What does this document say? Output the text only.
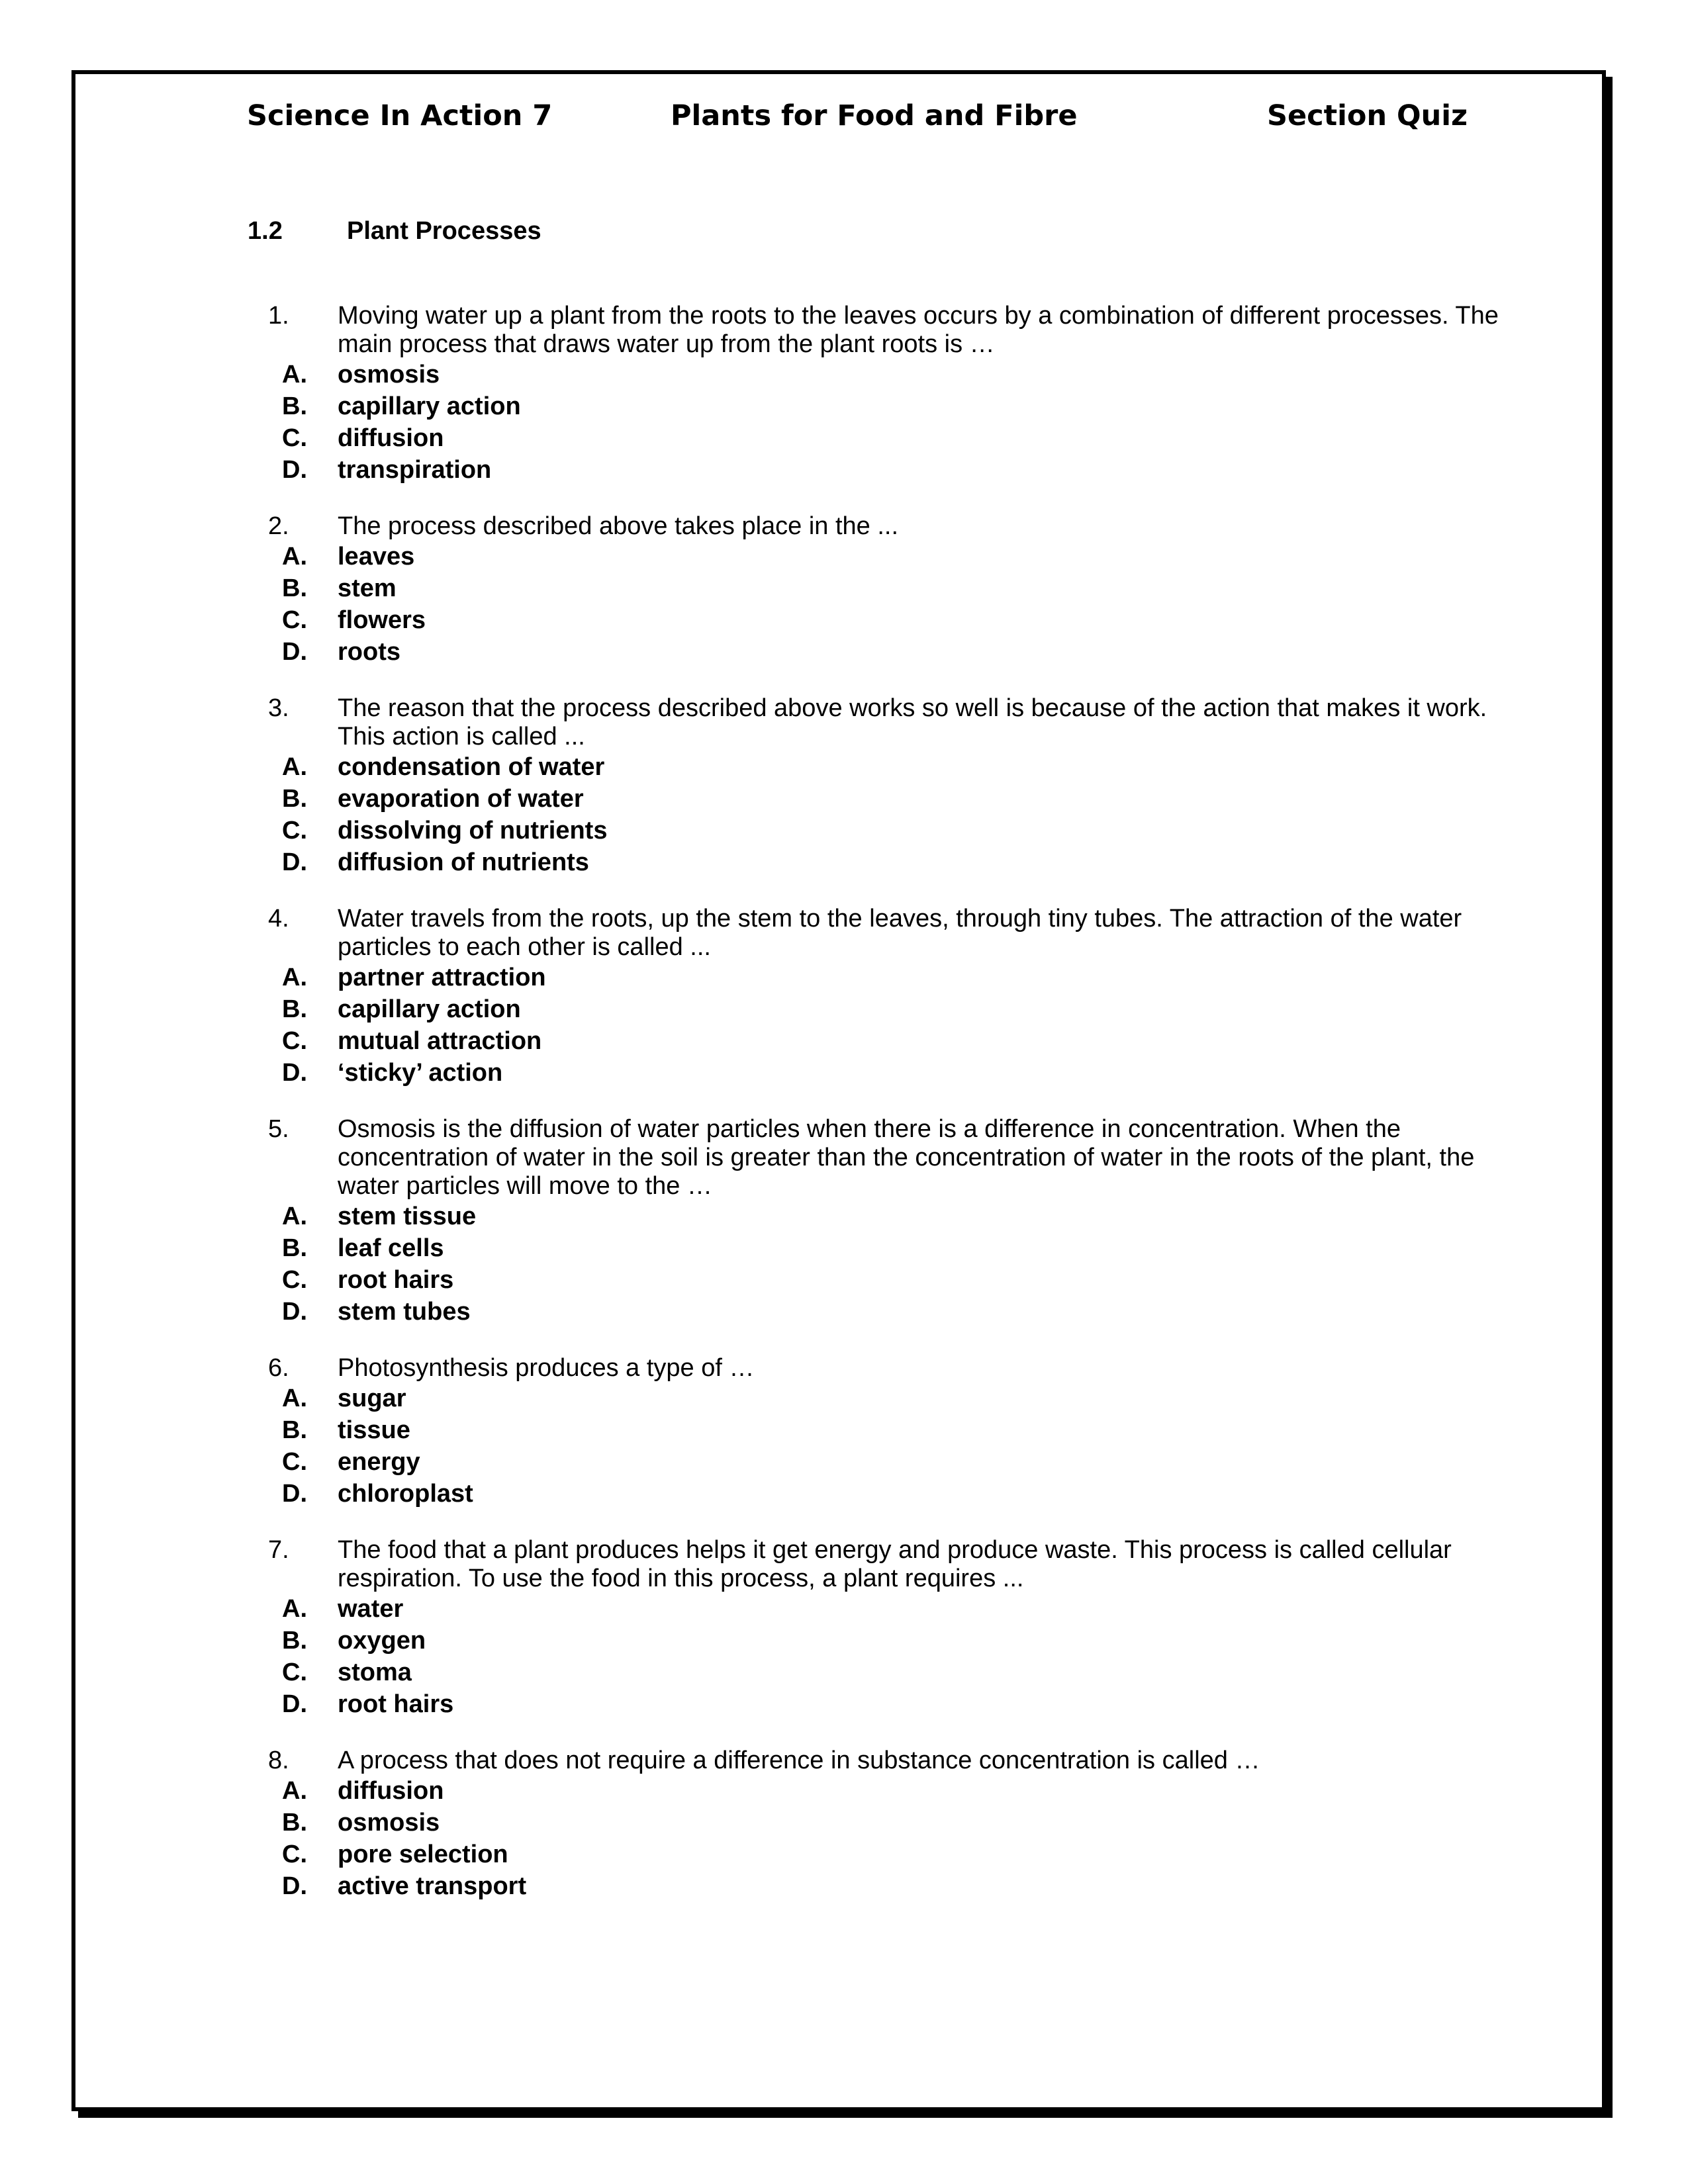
Science In Action 7	Plants for Food and Fibre	Section Quiz
1.2	Plant Processes
1.	Moving water up a plant from the roots to the leaves occurs by a combination of different processes. The main process that draws water up from the plant roots is …
A.	osmosis
B.	capillary action
C.	diffusion
D.	transpiration
2.	The process described above takes place in the ...
A.	leaves
B.	stem
C.	flowers
D.	roots
3.	The reason that the process described above works so well is because of the action that makes it work. This action is called ...
A.	condensation of water
B.	evaporation of water
C.	dissolving of nutrients
D.	diffusion of nutrients
4.	Water travels from the roots, up the stem to the leaves, through tiny tubes. The attraction of the water particles to each other is called ...
A.	partner attraction
B.	capillary action
C.	mutual attraction
D.	‘sticky’ action
5.	Osmosis is the diffusion of water particles when there is a difference in concentration. When the concentration of water in the soil is greater than the concentration of water in the roots of the plant, the water particles will move to the …
A.	stem tissue
B.	leaf cells
C.	root hairs
D.	stem tubes
6.	Photosynthesis produces a type of …
A.	sugar
B.	tissue
C.	energy
D.	chloroplast
7.	The food that a plant produces helps it get energy and produce waste. This process is called cellular respiration. To use the food in this process, a plant requires ...
A.	water
B.	oxygen
C.	stoma
D.	root hairs
8.	A process that does not require a difference in substance concentration is called …
A.	diffusion
B.	osmosis
C.	pore selection
D.	active transport
